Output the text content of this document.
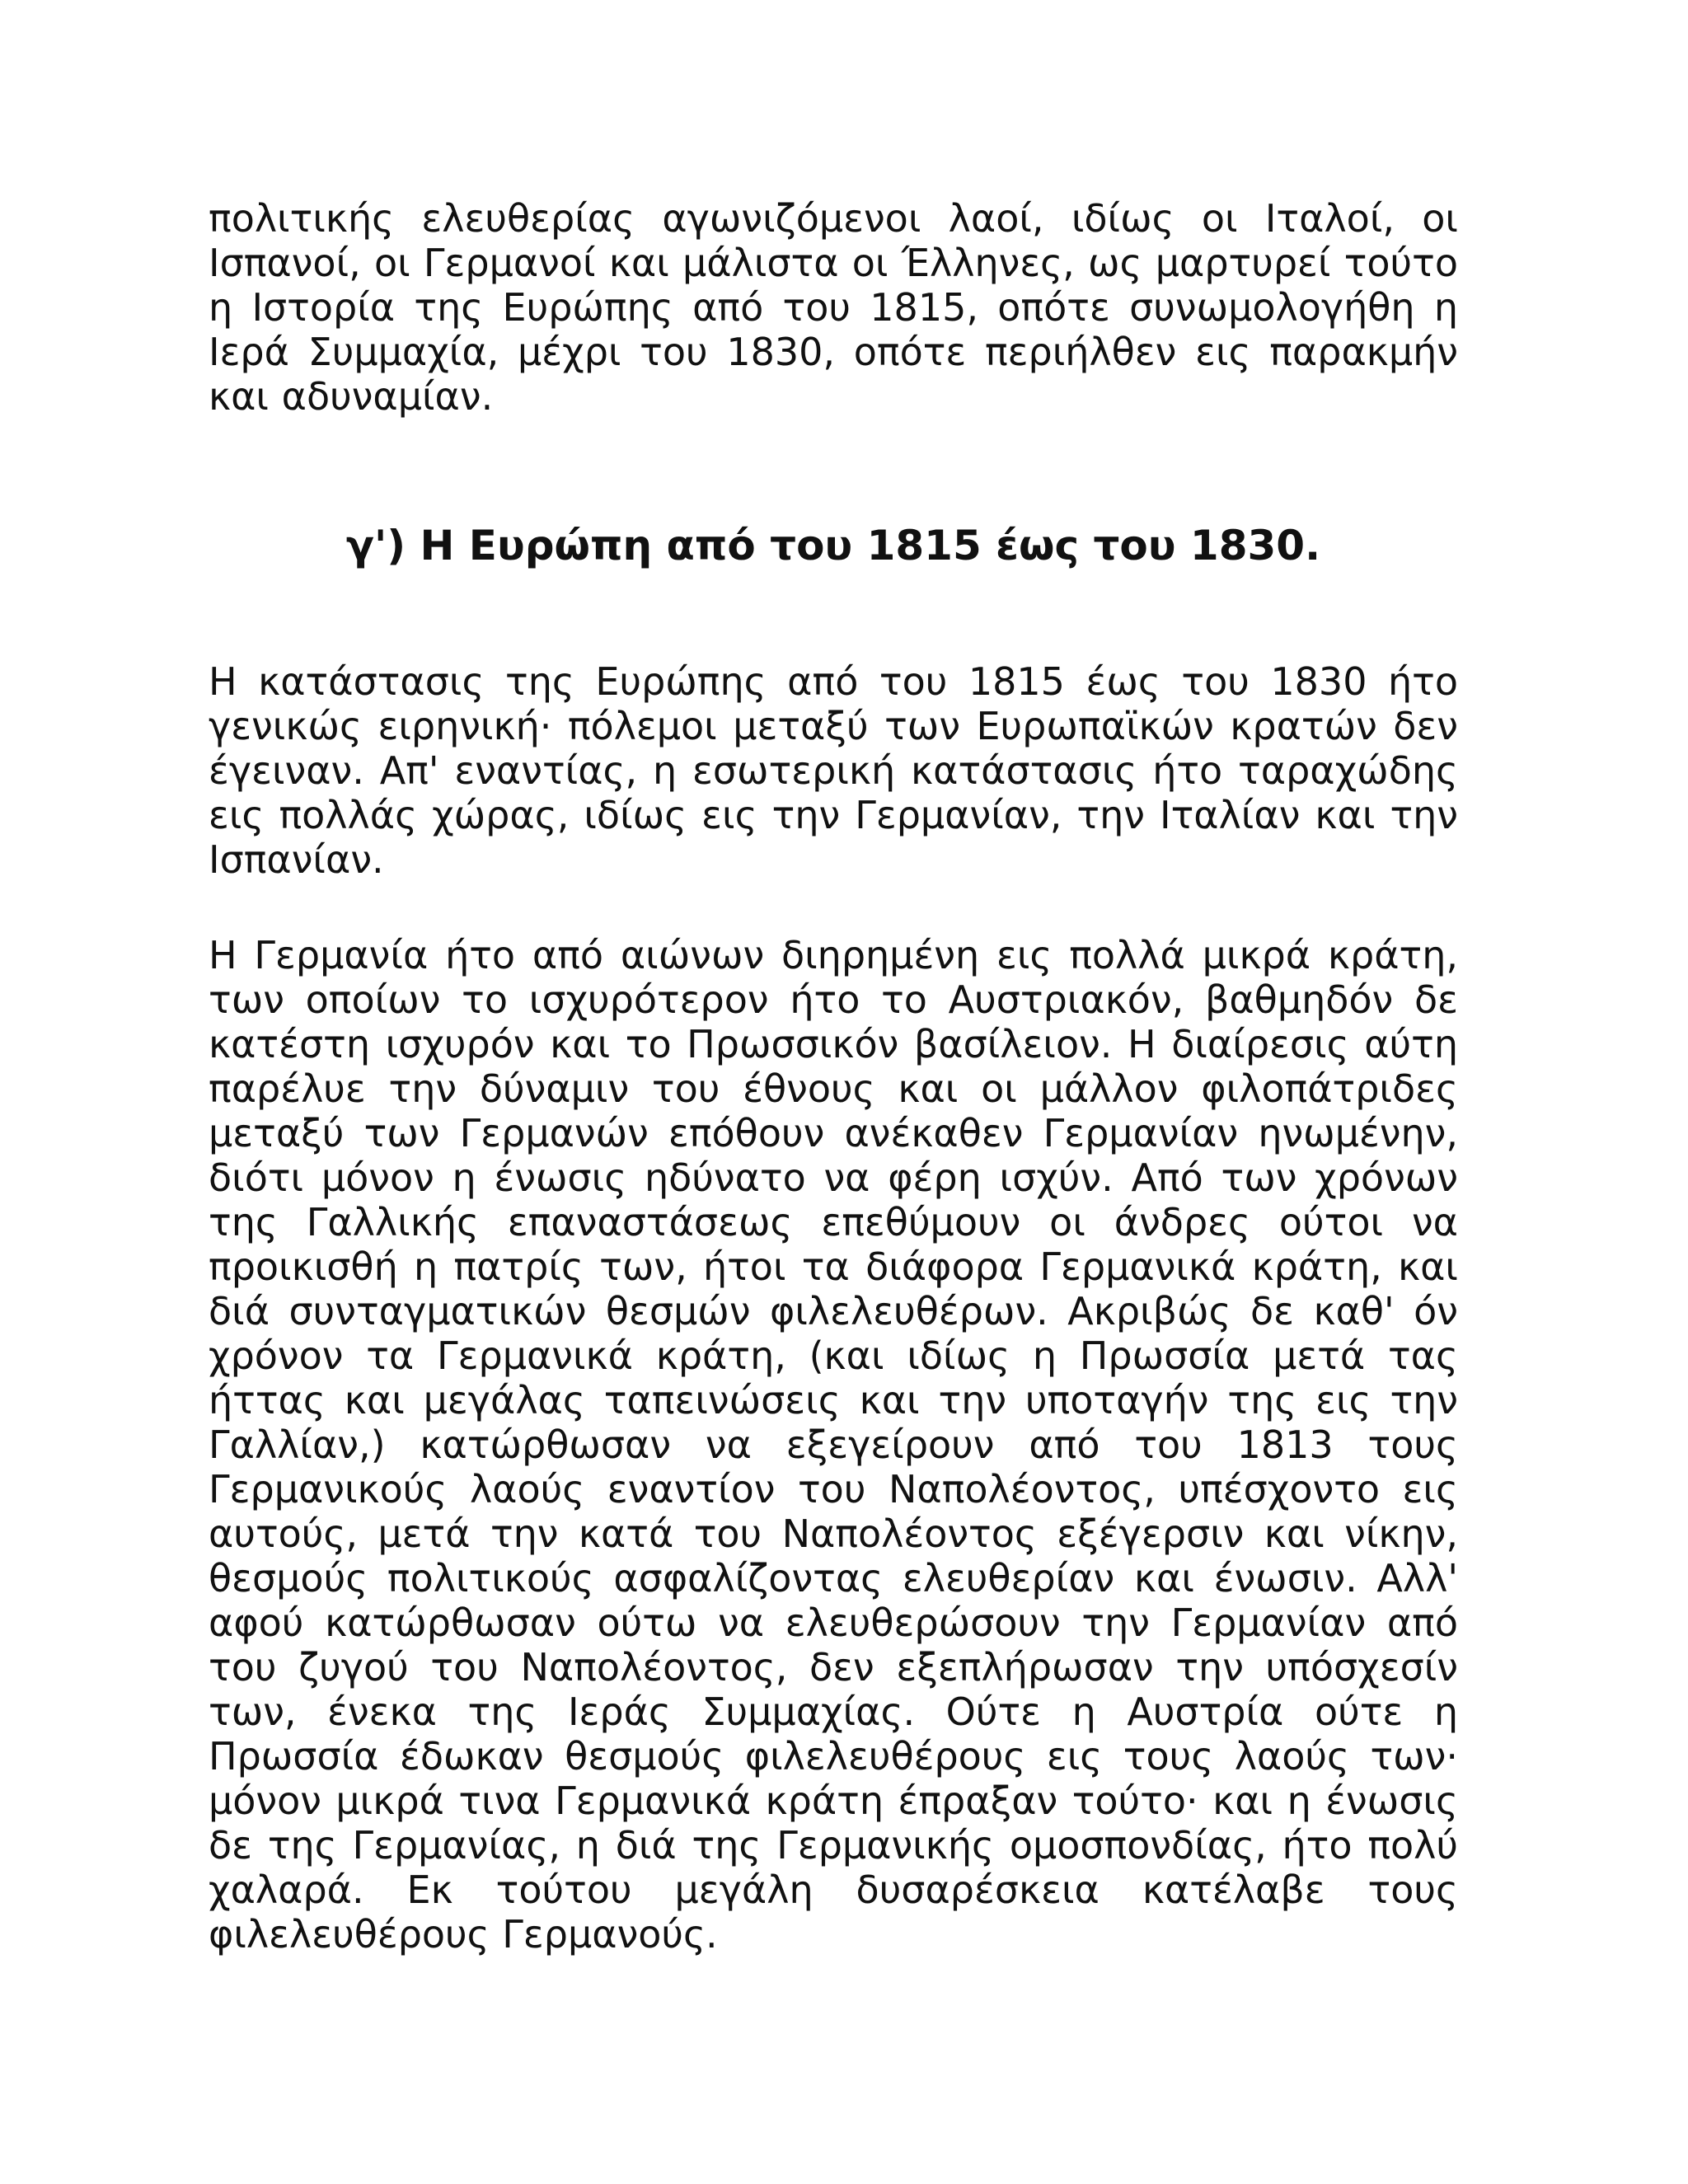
πολιτικής ελευθερίας αγωνιζόμενοι λαοί, ιδίως οι Ιταλοί, οι Ισπανοί, οι Γερμανοί και μάλιστα οι Έλληνες, ως μαρτυρεί τούτο η Ιστορία της Ευρώπης από του 1815, οπότε συνωμολογήθη η Ιερά Συμμαχία, μέχρι του 1830, οπότε περιήλθεν εις παρακμήν και αδυναμίαν.

γ') Η Ευρώπη από του 1815 έως του 1830.

Η κατάστασις της Ευρώπης από του 1815 έως του 1830 ήτο γενικώς ειρηνική· πόλεμοι μεταξύ των Ευρωπαϊκών κρατών δεν έγειναν. Απ' εναντίας, η εσωτερική κατάστασις ήτο ταραχώδης εις πολλάς χώρας, ιδίως εις την Γερμανίαν, την Ιταλίαν και την Ισπανίαν.

Η Γερμανία ήτο από αιώνων διηρημένη εις πολλά μικρά κράτη, των οποίων το ισχυρότερον ήτο το Αυστριακόν, βαθμηδόν δε κατέστη ισχυρόν και το Πρωσσικόν βασίλειον. Η διαίρεσις αύτη παρέλυε την δύναμιν του έθνους και οι μάλλον φιλοπάτριδες μεταξύ των Γερμανών επόθουν ανέκαθεν Γερμανίαν ηνωμένην, διότι μόνον η ένωσις ηδύνατο να φέρη ισχύν. Από των χρόνων της Γαλλικής επαναστάσεως επεθύμουν οι άνδρες ούτοι να προικισθή η πατρίς των, ήτοι τα διάφορα Γερμανικά κράτη, και διά συνταγματικών θεσμών φιλελευθέρων. Ακριβώς δε καθ' όν χρόνον τα Γερμανικά κράτη, (και ιδίως η Πρωσσία μετά τας ήττας και μεγάλας ταπεινώσεις και την υποταγήν της εις την Γαλλίαν,) κατώρθωσαν να εξεγείρουν από του 1813 τους Γερμανικούς λαούς εναντίον του Ναπολέοντος, υπέσχοντο εις αυτούς, μετά την κατά του Ναπολέοντος εξέγερσιν και νίκην, θεσμούς πολιτικούς ασφαλίζοντας ελευθερίαν και ένωσιν. Αλλ' αφού κατώρθωσαν ούτω να ελευθερώσουν την Γερμανίαν από του ζυγού του Ναπολέοντος, δεν εξεπλήρωσαν την υπόσχεσίν των, ένεκα της Ιεράς Συμμαχίας. Ούτε η Αυστρία ούτε η Πρωσσία έδωκαν θεσμούς φιλελευθέρους εις τους λαούς των· μόνον μικρά τινα Γερμανικά κράτη έπραξαν τούτο· και η ένωσις δε της Γερμανίας, η διά της Γερμανικής ομοσπονδίας, ήτο πολύ χαλαρά. Εκ τούτου μεγάλη δυσαρέσκεια κατέλαβε τους φιλελευθέρους Γερμανούς.
